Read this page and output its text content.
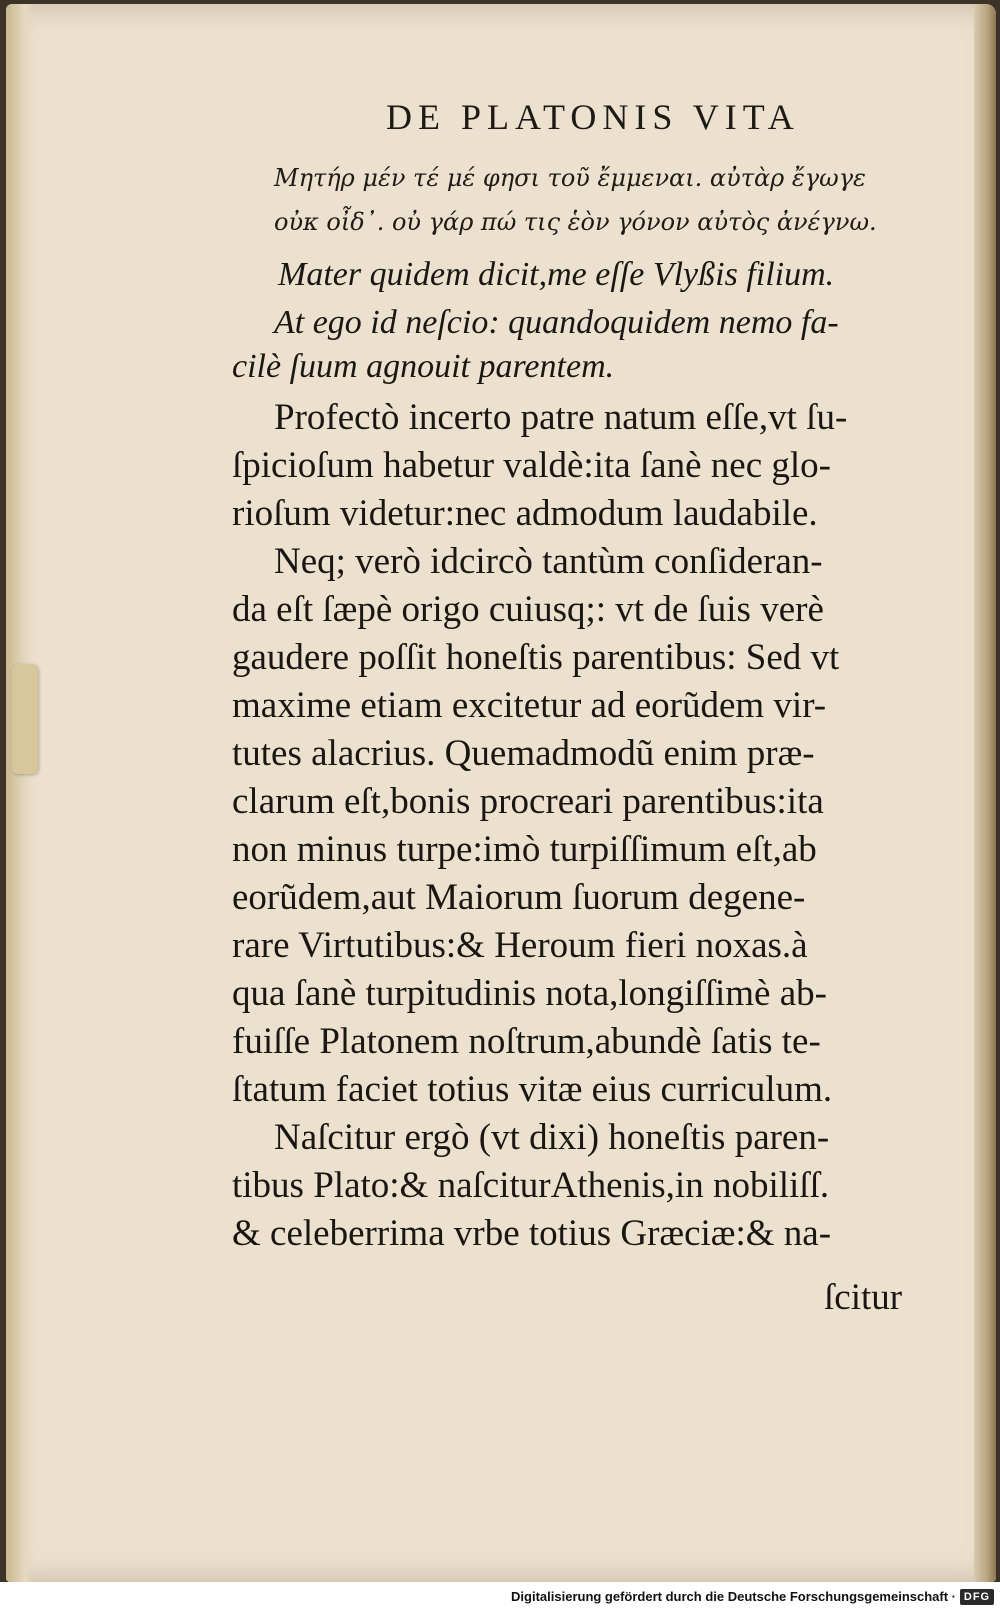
DE PLATONIS VITA
Μητήρ μέν τέ μέ φησι τοῦ ἔμμεναι. αὐτὰρ ἔγωγε
οὐκ οἶδ᾽. οὐ γάρ πώ τις ἑὸν γόνον αὐτὸς ἀνέγνω.
Mater quidem dicit,me eſſe Vlyßis filium.
At ego id neſcio: quandoquidem nemo fa-
cilè ſuum agnouit parentem.
Profectò incerto patre natum eſſe,vt ſu-
ſpicioſum habetur valdè:ita ſanè nec glo-
rioſum videtur:nec admodum laudabile.
Neq; verò idcircò tantùm conſideran-
da eſt ſæpè origo cuiusq;: vt de ſuis verè
gaudere poſſit honeſtis parentibus: Sed vt
maxime etiam excitetur ad eorũdem vir-
tutes alacrius. Quemadmodũ enim præ-
clarum eſt,bonis procreari parentibus:ita
non minus turpe:imò turpiſſimum eſt,ab
eorũdem,aut Maiorum ſuorum degene-
rare Virtutibus:& Heroum fieri noxas.à
qua ſanè turpitudinis nota,longiſſimè ab-
fuiſſe Platonem noſtrum,abundè ſatis te-
ſtatum faciet totius vitæ eius curriculum.
Naſcitur ergò (vt dixi) honeſtis paren-
tibus Plato:& naſciturAthenis,in nobiliſſ.
& celeberrima vrbe totius Græciæ:& na-
ſcitur
Digitalisierung gefördert durch die Deutsche Forschungsgemeinschaft · DFG
